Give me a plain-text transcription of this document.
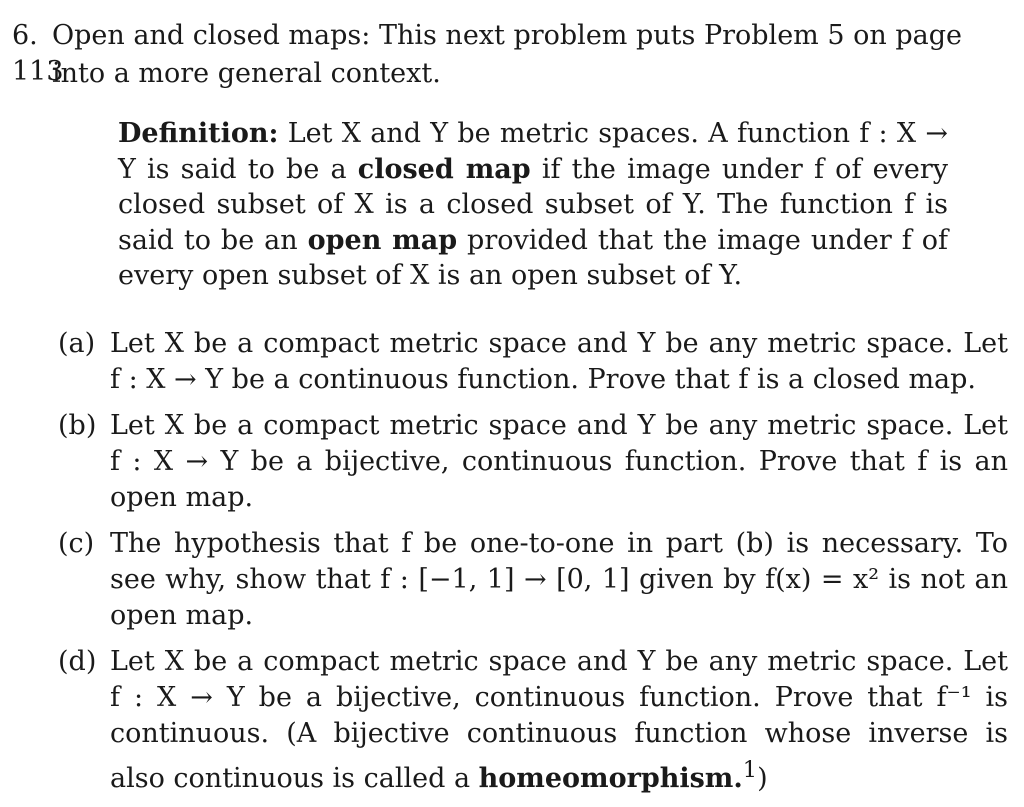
6. Open and closed maps: This next problem puts Problem 5 on page 113
into a more general context.
Definition: Let X and Y be metric spaces. A function f : X → Y is said to be a closed map if the image under f of every closed subset of X is a closed subset of Y. The function f is said to be an open map provided that the image under f of every open subset of X is an open subset of Y.
(a) Let X be a compact metric space and Y be any metric space. Let f : X → Y be a continuous function. Prove that f is a closed map.
(b) Let X be a compact metric space and Y be any metric space. Let f : X → Y be a bijective, continuous function. Prove that f is an open map.
(c) The hypothesis that f be one-to-one in part (b) is necessary. To see why, show that f : [−1, 1] → [0, 1] given by f(x) = x² is not an open map.
(d) Let X be a compact metric space and Y be any metric space. Let f : X → Y be a bijective, continuous function. Prove that f⁻¹ is continuous. (A bijective continuous function whose inverse is also continuous is called a homeomorphism.$^1$)
